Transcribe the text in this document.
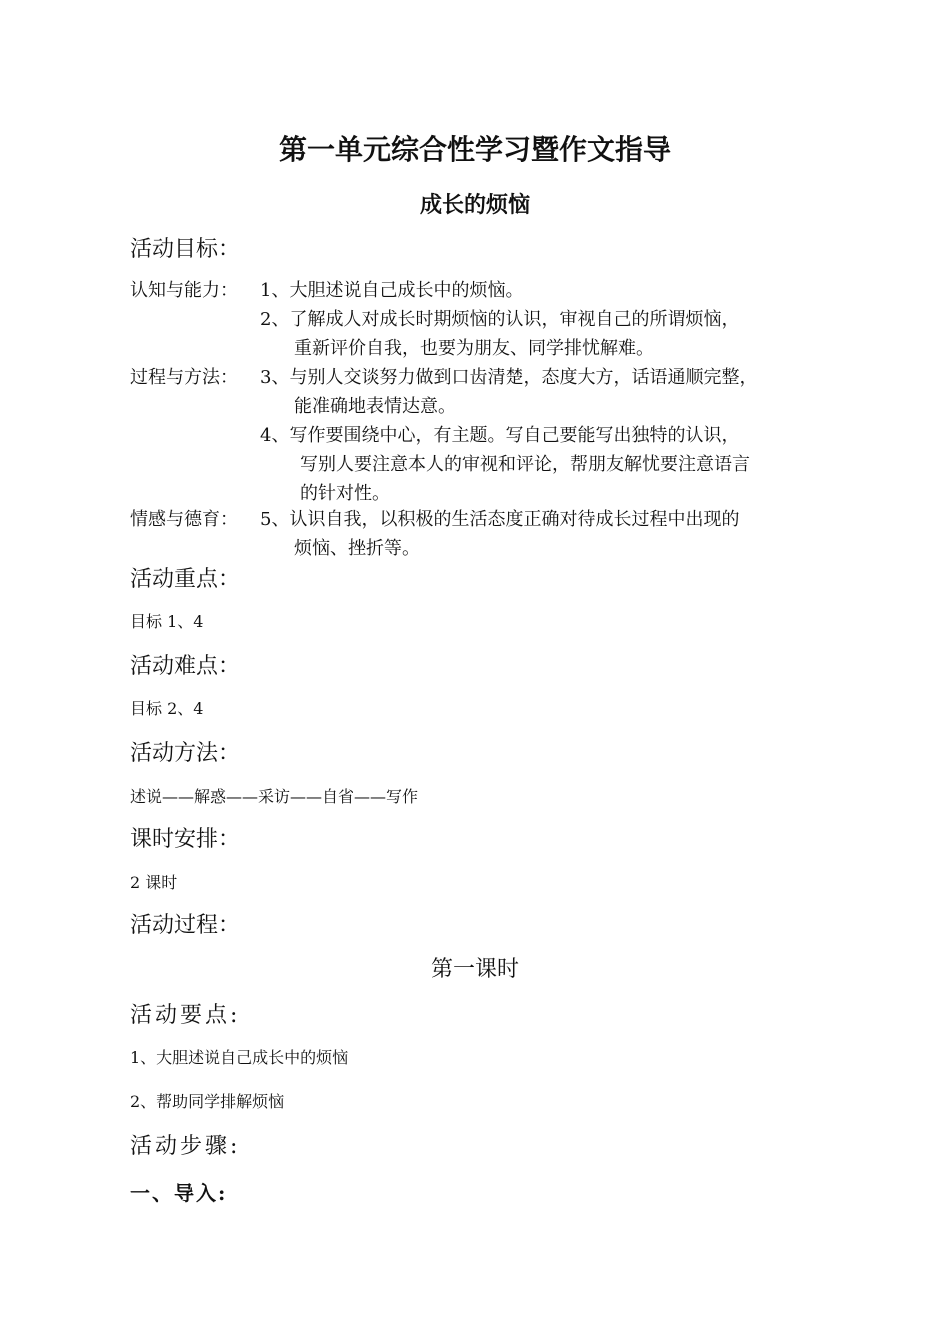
第一单元综合性学习暨作文指导
成长的烦恼
活动目标：
认知与能力： 1、大胆述说自己成长中的烦恼。
2、了解成人对成长时期烦恼的认识，审视自己的所谓烦恼，
重新评价自我，也要为朋友、同学排忧解难。
过程与方法： 3、与别人交谈努力做到口齿清楚，态度大方，话语通顺完整，
能准确地表情达意。
4、写作要围绕中心，有主题。写自己要能写出独特的认识，
写别人要注意本人的审视和评论，帮朋友解忧要注意语言
的针对性。
情感与德育： 5、认识自我，以积极的生活态度正确对待成长过程中出现的
烦恼、挫折等。
活动重点：
目标 1、4
活动难点：
目标 2、4
活动方法：
述说——解惑——采访——自省——写作
课时安排：
2 课时
活动过程：
第一课时
活动要点:
1、大胆述说自己成长中的烦恼
2、帮助同学排解烦恼
活动步骤:
一、导入:
